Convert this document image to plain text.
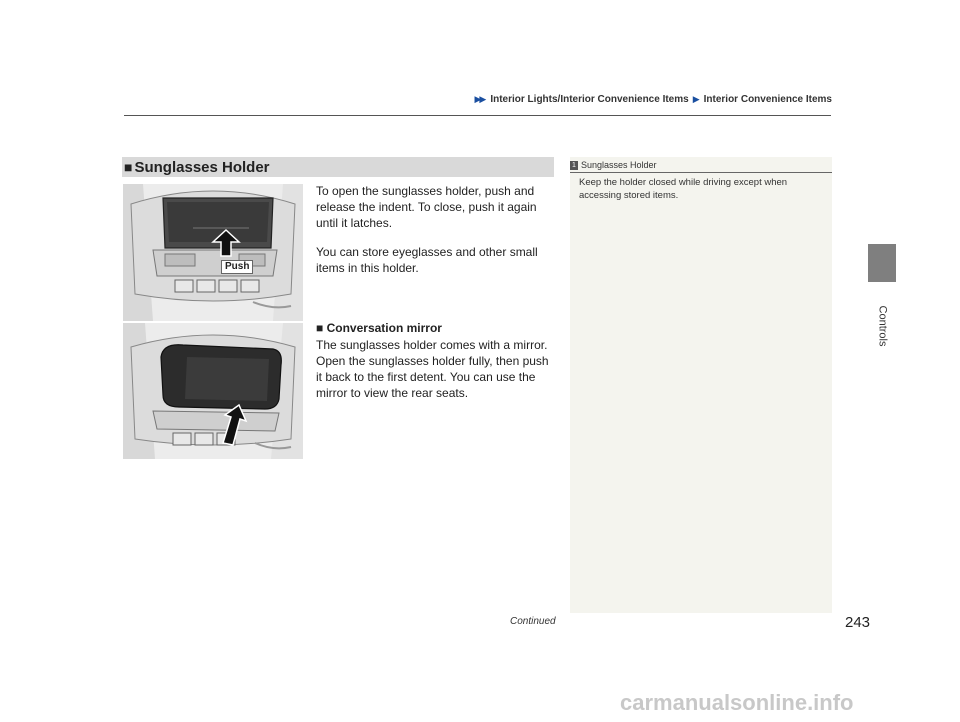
▶▶ Interior Lights/Interior Convenience Items ▶ Interior Convenience Items
Controls
■ Sunglasses Holder
Push
To open the sunglasses holder, push and release the indent. To close, push it again until it latches.
You can store eyeglasses and other small items in this holder.
■ Conversation mirror
The sunglasses holder comes with a mirror. Open the sunglasses holder fully, then push it back to the first detent. You can use the mirror to view the rear seats.
1 Sunglasses Holder
Keep the holder closed while driving except when accessing stored items.
Continued	243
carmanualsonline.info
